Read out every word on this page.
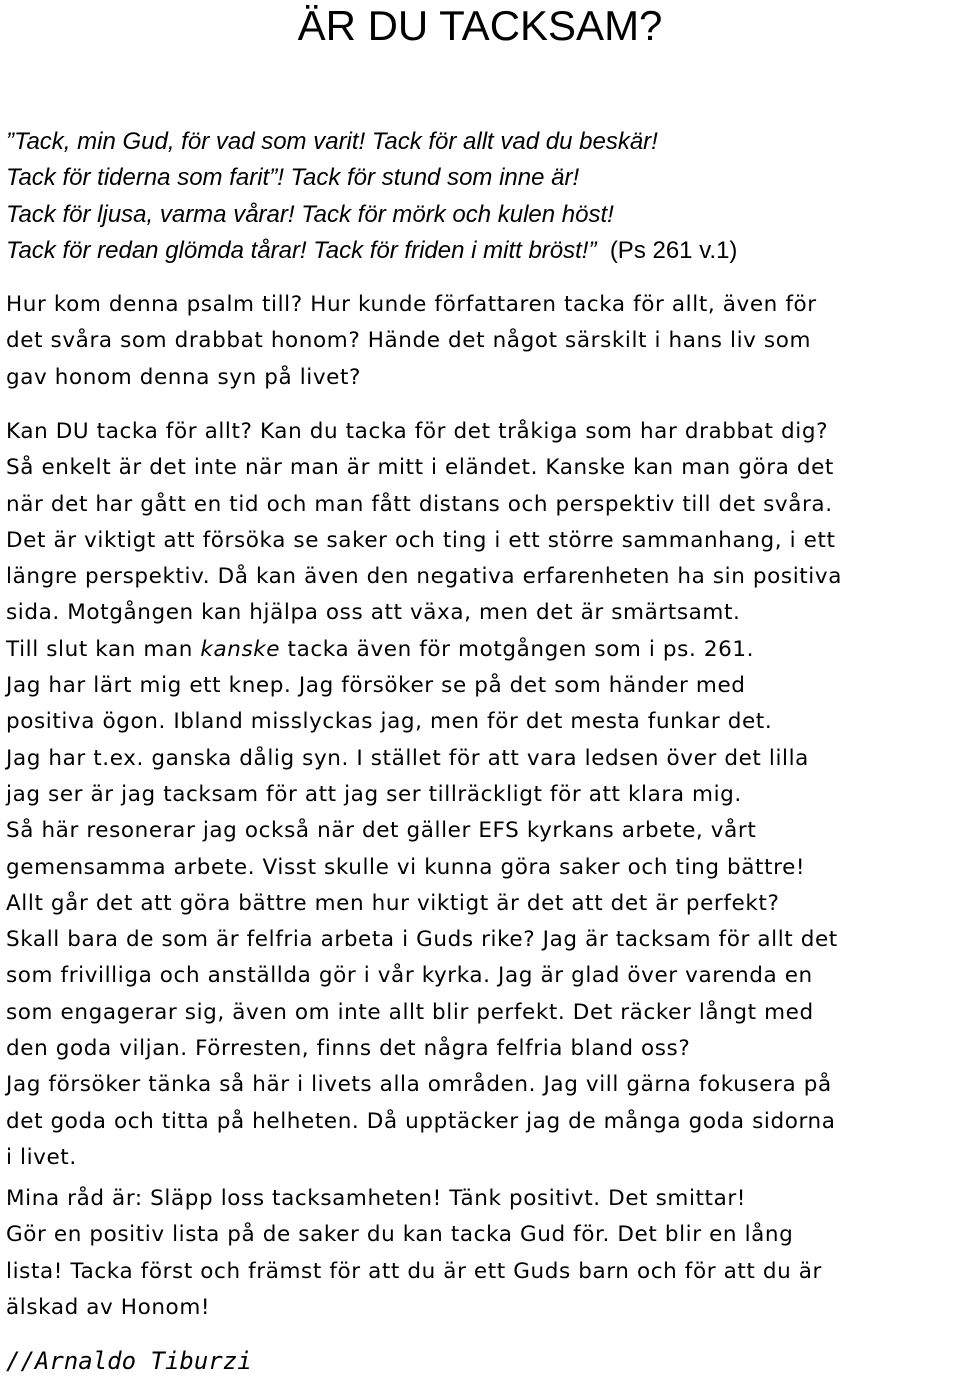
ÄR DU TACKSAM?
”Tack, min Gud, för vad som varit! Tack för allt vad du beskär!
Tack för tiderna som farit”! Tack för stund som inne är!
Tack för ljusa, varma vårar! Tack för mörk och kulen höst!
Tack för redan glömda tårar! Tack för friden i mitt bröst!” (Ps 261 v.1)
Hur kom denna psalm till? Hur kunde författaren tacka för allt, även för
det svåra som drabbat honom? Hände det något särskilt i hans liv som
gav honom denna syn på livet?
Kan DU tacka för allt? Kan du tacka för det tråkiga som har drabbat dig?
Så enkelt är det inte när man är mitt i eländet. Kanske kan man göra det
när det har gått en tid och man fått distans och perspektiv till det svåra.
Det är viktigt att försöka se saker och ting i ett större sammanhang, i ett
längre perspektiv. Då kan även den negativa erfarenheten ha sin positiva
sida. Motgången kan hjälpa oss att växa, men det är smärtsamt.
Till slut kan man kanske tacka även för motgången som i ps. 261.
Jag har lärt mig ett knep. Jag försöker se på det som händer med
positiva ögon. Ibland misslyckas jag, men för det mesta funkar det.
Jag har t.ex. ganska dålig syn. I stället för att vara ledsen över det lilla
jag ser är jag tacksam för att jag ser tillräckligt för att klara mig.
Så här resonerar jag också när det gäller EFS kyrkans arbete, vårt
gemensamma arbete. Visst skulle vi kunna göra saker och ting bättre!
Allt går det att göra bättre men hur viktigt är det att det är perfekt?
Skall bara de som är felfria arbeta i Guds rike? Jag är tacksam för allt det
som frivilliga och anställda gör i vår kyrka. Jag är glad över varenda en
som engagerar sig, även om inte allt blir perfekt. Det räcker långt med
den goda viljan. Förresten, finns det några felfria bland oss?
Jag försöker tänka så här i livets alla områden. Jag vill gärna fokusera på
det goda och titta på helheten. Då upptäcker jag de många goda sidorna
i livet.
Mina råd är: Släpp loss tacksamheten! Tänk positivt. Det smittar!
Gör en positiv lista på de saker du kan tacka Gud för. Det blir en lång
lista! Tacka först och främst för att du är ett Guds barn och för att du är
älskad av Honom!
//Arnaldo Tiburzi
